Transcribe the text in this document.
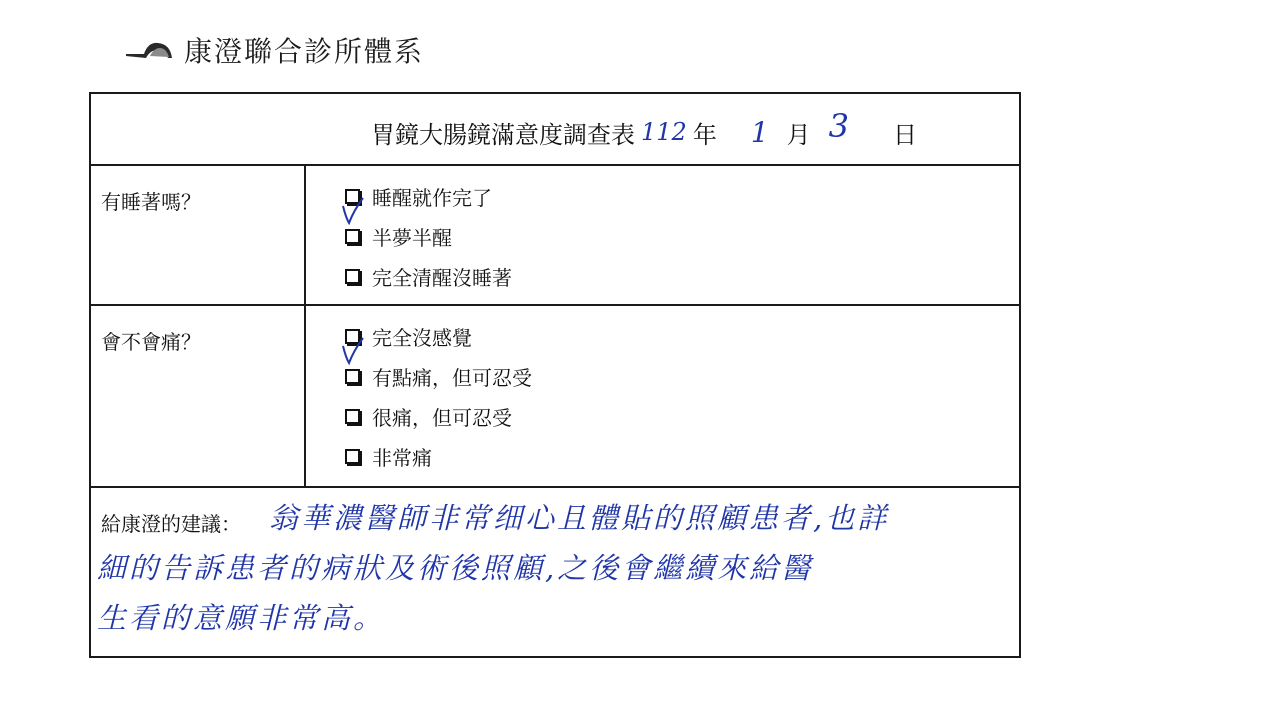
康澄聯合診所體系
胃鏡大腸鏡滿意度調查表 112 年 1 月 3 日
有睡著嗎？	睡醒就作完了
半夢半醒
完全清醒沒睡著
會不會痛？	完全沒感覺
有點痛，但可忍受
很痛，但可忍受
非常痛
給康澄的建議： 翁華濃醫師非常细心且體貼的照顧患者,也詳
細的告訴患者的病狀及術後照顧,之後會繼續來給醫
生看的意願非常高。
